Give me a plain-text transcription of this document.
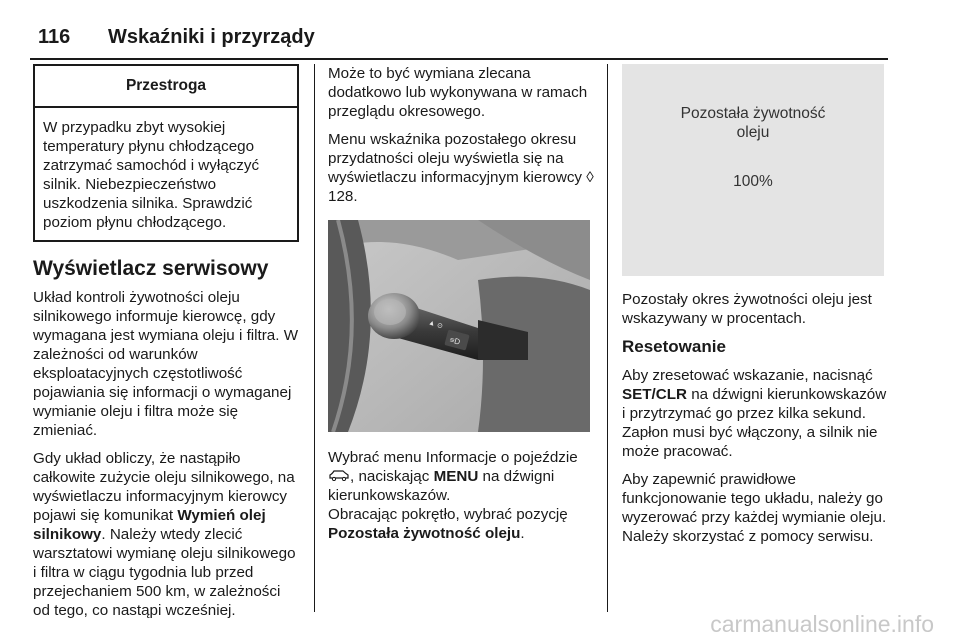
116 Wskaźniki i przyrządy
Przestroga
W przypadku zbyt wysokiej temperatury płynu chłodzącego zatrzymać samochód i wyłączyć silnik. Niebezpieczeństwo uszkodzenia silnika. Sprawdzić poziom płynu chłodzącego.
Wyświetlacz serwisowy

Układ kontroli żywotności oleju silnikowego informuje kierowcę, gdy wymagana jest wymiana oleju i filtra. W zależności od warunków eksploatacyjnych częstotliwość pojawiania się informacji o wymaganej wymianie oleju i filtra może się zmieniać.

Gdy układ obliczy, że nastąpiło całkowite zużycie oleju silnikowego, na wyświetlaczu informacyjnym kierowcy pojawi się komunikat Wymień olej silnikowy. Należy wtedy zlecić warsztatowi wymianę oleju silnikowego i filtra w ciągu tygodnia lub przed przejechaniem 500 km, w zależności od tego, co nastąpi wcześniej.

Może to być wymiana zlecana dodatkowo lub wykonywana w ramach przeglądu okresowego.

Menu wskaźnika pozostałego okresu przydatności oleju wyświetla się na wyświetlaczu informacyjnym kierowcy ◊ 128.

≡D
▲ ⊙

Wybrać menu Informacje o pojeździe , naciskając MENU na dźwigni kierunkowskazów.
Obracając pokrętło, wybrać pozycję Pozostała żywotność oleju.

Pozostała żywotność oleju
100%

Pozostały okres żywotności oleju jest wskazywany w procentach.

Resetowanie

Aby zresetować wskazanie, nacisnąć SET/CLR na dźwigni kierunkowskazów i przytrzymać go przez kilka sekund. Zapłon musi być włączony, a silnik nie może pracować.

Aby zapewnić prawidłowe funkcjonowanie tego układu, należy go wyzerować przy każdej wymianie oleju. Należy skorzystać z pomocy serwisu.

carmanualsonline.info
